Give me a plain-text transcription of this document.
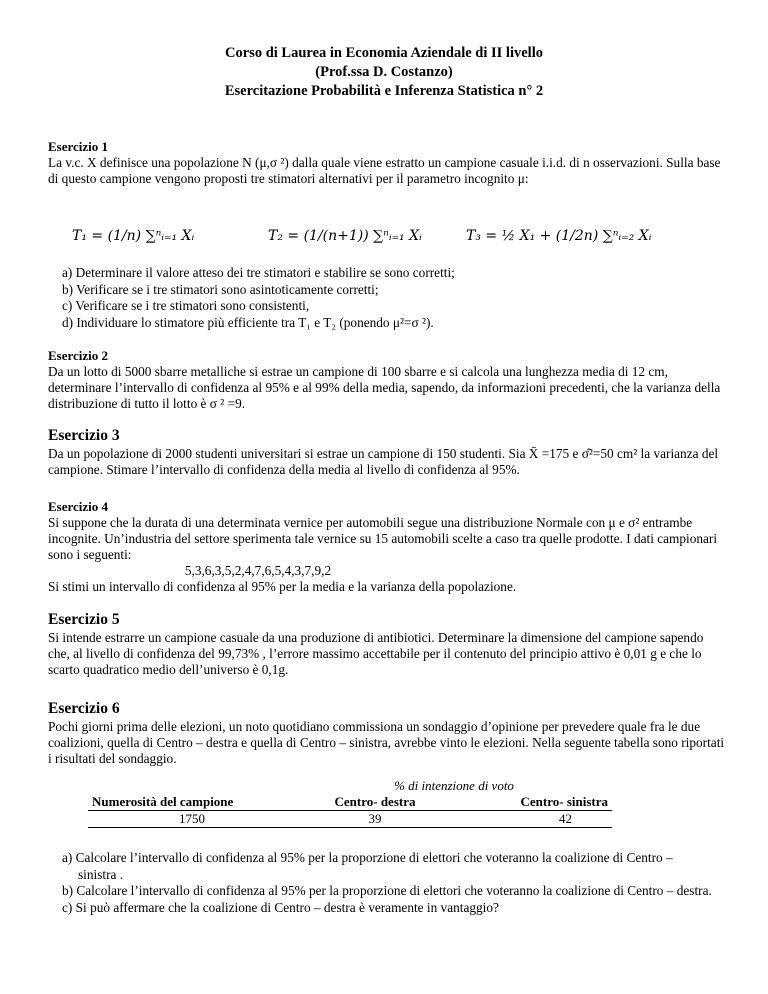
Corso di Laurea in Economia Aziendale di II livello
(Prof.ssa D. Costanzo)
Esercitazione Probabilità e Inferenza Statistica n° 2

Esercizio 1

La v.c. X definisce una popolazione N (μ,σ ²) dalla quale viene estratto un campione casuale i.i.d. di n osservazioni. Sulla base di questo campione vengono proposti tre stimatori alternativi per il parametro incognito μ:

T₁ = (1/n) ∑ⁿᵢ₌₁ Xᵢ	T₂ = (1/(n+1)) ∑ⁿᵢ₌₁ Xᵢ	T₃ = ½ X₁ + (1/2n) ∑ⁿᵢ₌₂ Xᵢ

a) Determinare il valore atteso dei tre stimatori e stabilire se sono corretti;

b) Verificare se i tre stimatori sono asintoticamente corretti;

c) Verificare se i tre stimatori sono consistenti,

d) Individuare lo stimatore più efficiente tra T₁ e T₂ (ponendo μ²=σ ²).

Esercizio 2

Da un lotto di 5000 sbarre metalliche si estrae un campione di 100 sbarre e si calcola una lunghezza media di 12 cm, determinare l’intervallo di confidenza al 95% e al 99% della media, sapendo, da informazioni precedenti, che la varianza della distribuzione di tutto il lotto è σ ² =9.

Esercizio 3

Da un popolazione di 2000 studenti universitari si estrae un campione di 150 studenti. Sia X̄ =175 e σ̂²=50 cm² la varianza del campione. Stimare l’intervallo di confidenza della media al livello di confidenza al 95%.

Esercizio 4

Si suppone che la durata di una determinata vernice per automobili segue una distribuzione Normale con μ e σ² entrambe incognite. Un’industria del settore sperimenta tale vernice su 15 automobili scelte a caso tra quelle prodotte. I dati campionari sono i seguenti:

5,3,6,3,5,2,4,7,6,5,4,3,7,9,2

Si stimi un intervallo di confidenza al 95% per la media e la varianza della popolazione.

Esercizio 5

Si intende estrarre un campione casuale da una produzione di antibiotici. Determinare la dimensione del campione sapendo che, al livello di confidenza del 99,73% , l’errore massimo accettabile per il contenuto del principio attivo è 0,01 g e che lo scarto quadratico medio dell’universo è 0,1g.

Esercizio 6

Pochi giorni prima delle elezioni, un noto quotidiano commissiona un sondaggio d’opinione per prevedere quale fra le due coalizioni, quella di Centro – destra e quella di Centro – sinistra, avrebbe vinto le elezioni. Nella seguente tabella sono riportati i risultati del sondaggio.

	% di intenzione di voto	
Numerosità del campione	Centro- destra	Centro- sinistra
1750	39	42

a) Calcolare l’intervallo di confidenza al 95% per la proporzione di elettori che voteranno la coalizione di Centro – sinistra .

b) Calcolare l’intervallo di confidenza al 95% per la proporzione di elettori che voteranno la coalizione di Centro – destra.

c) Si può affermare che la coalizione di Centro – destra è veramente in vantaggio?
